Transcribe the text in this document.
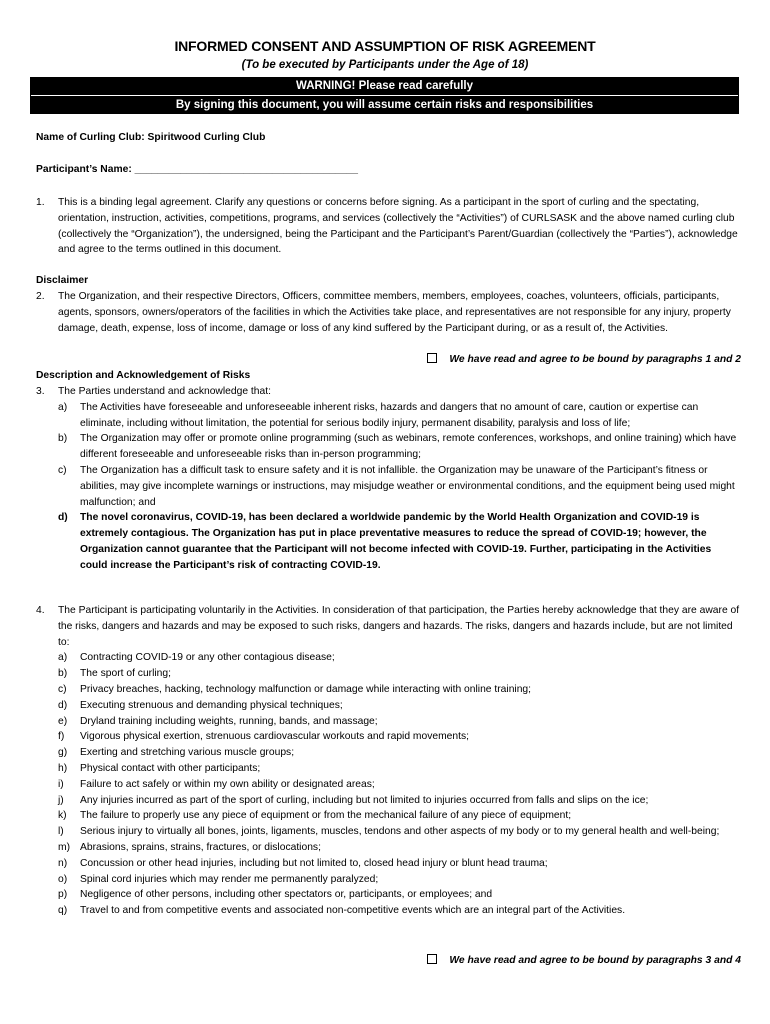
INFORMED CONSENT AND ASSUMPTION OF RISK AGREEMENT
(To be executed by Participants under the Age of 18)
WARNING! Please read carefully
By signing this document, you will assume certain risks and responsibilities
Name of Curling Club: Spiritwood Curling Club
Participant’s Name: _______________________________________
1.	This is a binding legal agreement. Clarify any questions or concerns before signing. As a participant in the sport of curling and the spectating, orientation, instruction, activities, competitions, programs, and services (collectively the “Activities”) of CURLSASK and the above named curling club (collectively the “Organization”), the undersigned, being the Participant and the Participant’s Parent/Guardian (collectively the “Parties”), acknowledge and agree to the terms outlined in this document.
Disclaimer
2.	The Organization, and their respective Directors, Officers, committee members, members, employees, coaches, volunteers, officials, participants, agents, sponsors, owners/operators of the facilities in which the Activities take place, and representatives are not responsible for any injury, property damage, death, expense, loss of income, damage or loss of any kind suffered by the Participant during, or as a result of, the Activities.
We have read and agree to be bound by paragraphs 1 and 2
Description and Acknowledgement of Risks
3.	The Parties understand and acknowledge that:
a) The Activities have foreseeable and unforeseeable inherent risks, hazards and dangers that no amount of care, caution or expertise can eliminate, including without limitation, the potential for serious bodily injury, permanent disability, paralysis and loss of life;
b) The Organization may offer or promote online programming (such as webinars, remote conferences, workshops, and online training) which have different foreseeable and unforeseeable risks than in-person programming;
c) The Organization has a difficult task to ensure safety and it is not infallible. the Organization may be unaware of the Participant’s fitness or abilities, may give incomplete warnings or instructions, may misjudge weather or environmental conditions, and the equipment being used might malfunction; and
d) The novel coronavirus, COVID-19, has been declared a worldwide pandemic by the World Health Organization and COVID-19 is extremely contagious. The Organization has put in place preventative measures to reduce the spread of COVID-19; however, the Organization cannot guarantee that the Participant will not become infected with COVID-19. Further, participating in the Activities could increase the Participant’s risk of contracting COVID-19.
4.	The Participant is participating voluntarily in the Activities. In consideration of that participation, the Parties hereby acknowledge that they are aware of the risks, dangers and hazards and may be exposed to such risks, dangers and hazards. The risks, dangers and hazards include, but are not limited to:
a) Contracting COVID-19 or any other contagious disease;
b) The sport of curling;
c) Privacy breaches, hacking, technology malfunction or damage while interacting with online training;
d) Executing strenuous and demanding physical techniques;
e) Dryland training including weights, running, bands, and massage;
f) Vigorous physical exertion, strenuous cardiovascular workouts and rapid movements;
g) Exerting and stretching various muscle groups;
h) Physical contact with other participants;
i) Failure to act safely or within my own ability or designated areas;
j) Any injuries incurred as part of the sport of curling, including but not limited to injuries occurred from falls and slips on the ice;
k) The failure to properly use any piece of equipment or from the mechanical failure of any piece of equipment;
l) Serious injury to virtually all bones, joints, ligaments, muscles, tendons and other aspects of my body or to my general health and well-being;
m) Abrasions, sprains, strains, fractures, or dislocations;
n) Concussion or other head injuries, including but not limited to, closed head injury or blunt head trauma;
o) Spinal cord injuries which may render me permanently paralyzed;
p) Negligence of other persons, including other spectators or, participants, or employees; and
q) Travel to and from competitive events and associated non-competitive events which are an integral part of the Activities.
We have read and agree to be bound by paragraphs 3 and 4
